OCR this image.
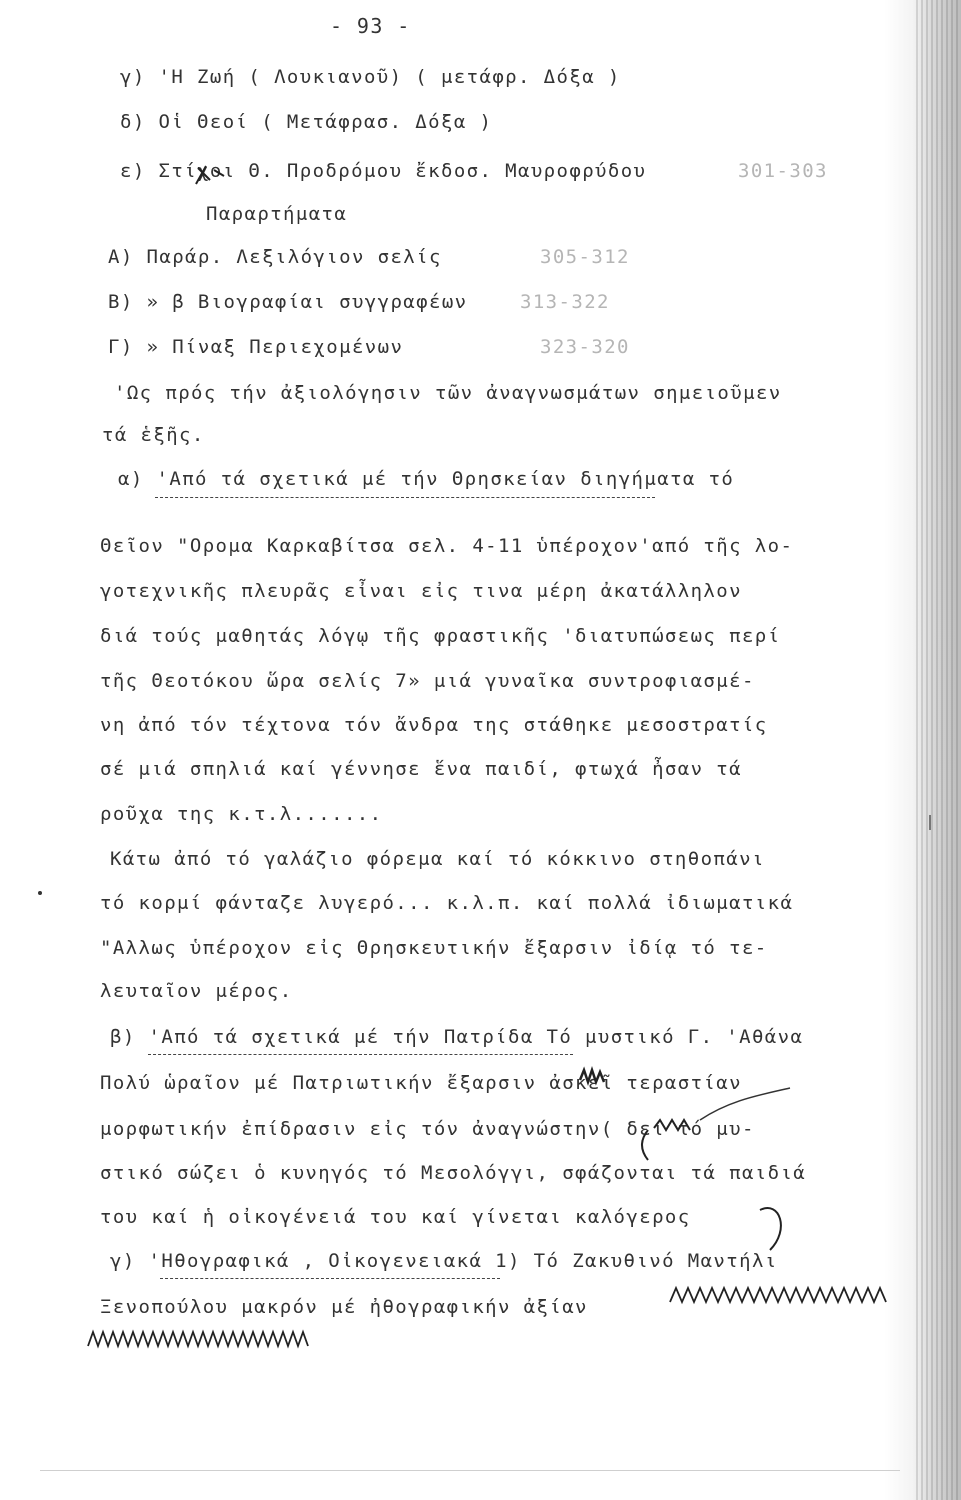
- 93 -
γ) 'Η Ζωή ( Λουκιανοῦ) ( μετάφρ. Δόξα )
δ) Οἱ Θεοί ( Μετάφρασ. Δόξα )
ε) Στίχοι Θ. Προδρόμου ἔκδοσ. Μαυροφρύδου	301-303
Παραρτήματα
Α) Παράρ. Λεξιλόγιον σελίς	305-312
Β) » β Βιογραφίαι συγγραφέων	313-322
Γ) » Πίναξ Περιεχομένων	323-320
'Ως πρός τήν ἀξιολόγησιν τῶν ἀναγνωσμάτων σημειοῦμεν
τά ἑξῆς.
α) 'Από τά σχετικά μέ τήν Θρησκείαν διηγήματα τό
Θεῖον "Ορομα Καρκαβίτσα σελ. 4-11 ὑπέροχον'από τῆς λο-
γοτεχνικῆς πλευρᾶς εἶναι εἰς τινα μέρη ἀκατάλληλον
διά τούς μαθητάς λόγῳ τῆς φραστικῆς 'διατυπώσεως περί
τῆς Θεοτόκου ὥρα σελίς 7» μιά γυναῖκα συντροφιασμέ-
νη ἀπό τόν τέχτονα τόν ἄνδρα της στάθηκε μεσοστρατίς
σέ μιά σπηλιά καί γέννησε ἕνα παιδί, φτωχά ἦσαν τά
ροῦχα της κ.τ.λ.......
Κάτω ἀπό τό γαλάζιο φόρεμα καί τό κόκκινο στηθοπάνι
τό κορμί φάνταζε λυγερό... κ.λ.π. καί πολλά ἰδιωματικά
"Αλλως ὑπέροχον εἰς Θρησκευτικήν ἔξαρσιν ἰδίᾳ τό τε-
λευταῖον μέρος.
β) 'Από τά σχετικά μέ τήν Πατρίδα Τό μυστικό Γ. 'Αθάνα
Πολύ ὡραῖον μέ Πατριωτικήν ἔξαρσιν ἀσκεῖ τεραστίαν
μορφωτικήν ἐπίδρασιν εἰς τόν ἀναγνώστην( δει τό μυ-
στικό σώζει ὁ κυνηγός τό Μεσολόγγι, σφάζονται τά παιδιά
του καί ἡ οἰκογένειά του καί γίνεται καλόγερος
γ) 'Ηθογραφικά , Οἰκογενειακά 1) Τό Ζακυθινό Μαντήλι
Ξενοπούλου μακρόν μέ ἠθογραφικήν ἀξίαν
